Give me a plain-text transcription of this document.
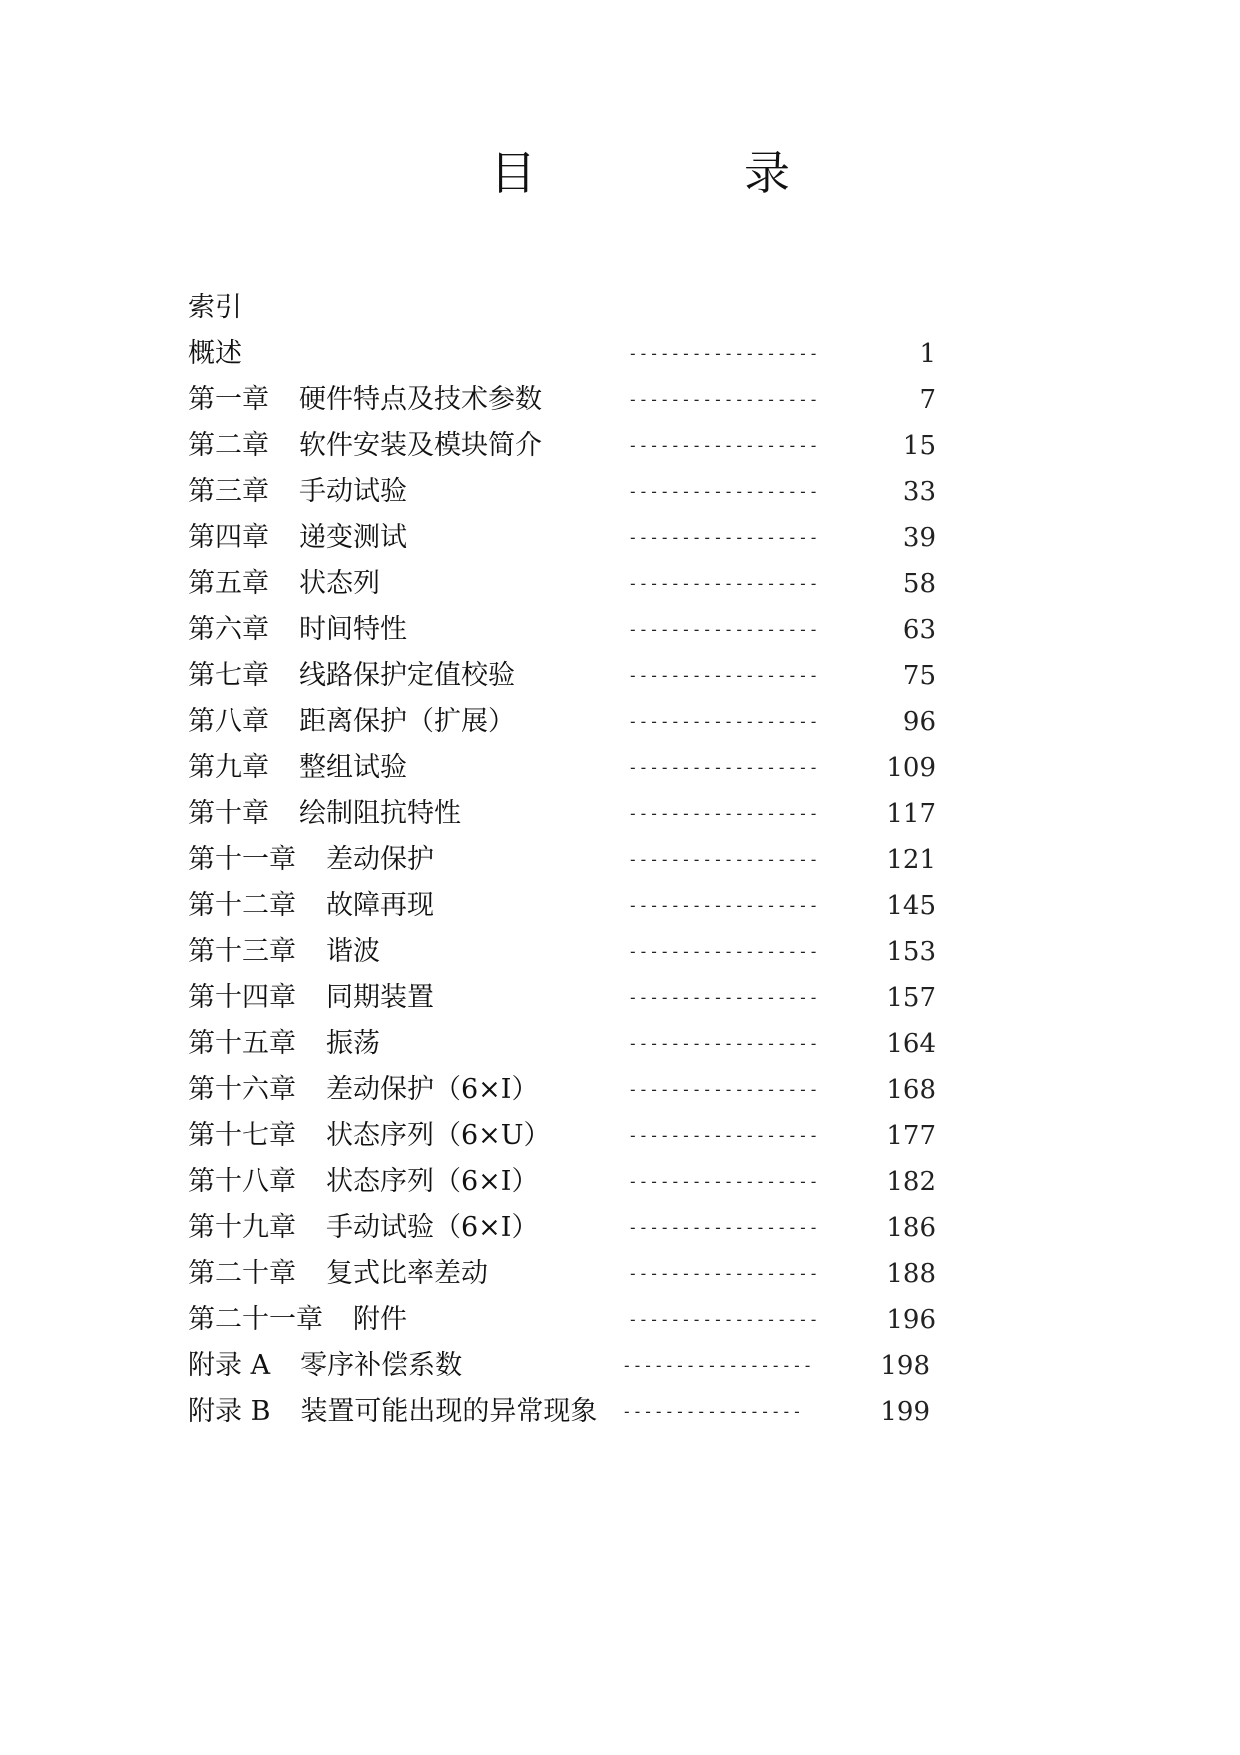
目	录
索引
概述	------------------	1
第一章 硬件特点及技术参数	------------------	7
第二章 软件安装及模块简介	------------------	15
第三章 手动试验	------------------	33
第四章 递变测试	------------------	39
第五章 状态列	------------------	58
第六章 时间特性	------------------	63
第七章 线路保护定值校验	------------------	75
第八章 距离保护（扩展）	------------------	96
第九章 整组试验	------------------	109
第十章 绘制阻抗特性	------------------	117
第十一章 差动保护	------------------	121
第十二章 故障再现	------------------	145
第十三章 谐波	------------------	153
第十四章 同期装置	------------------	157
第十五章 振荡	------------------	164
第十六章 差动保护（6×I）	------------------	168
第十七章 状态序列（6×U）	------------------	177
第十八章 状态序列（6×I）	------------------	182
第十九章 手动试验（6×I）	------------------	186
第二十章 复式比率差动	------------------	188
第二十一章 附件	------------------	196
附录 A 零序补偿系数	------------------	198
附录 B 装置可能出现的异常现象 -----------------	199
